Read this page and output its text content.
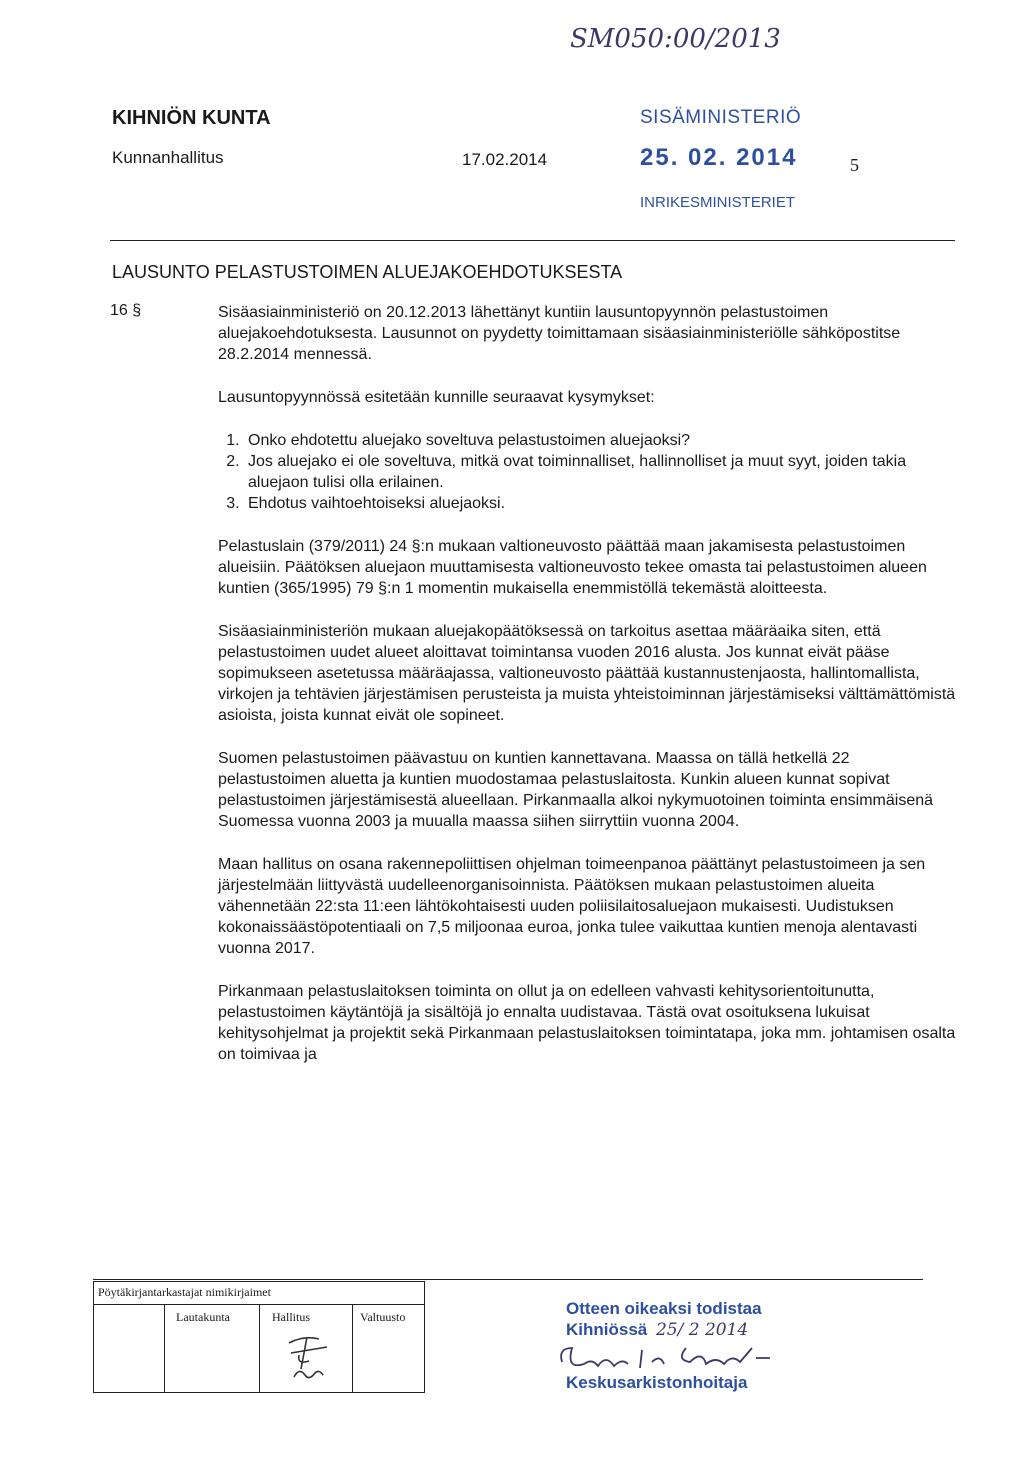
SM050:00/2013
KIHNIÖN KUNTA
Kunnanhallitus	17.02.2014	5
SISÄMINISTERIÖ
25. 02. 2014
INRIKESMINISTERIET
LAUSUNTO PELASTUSTOIMEN ALUEJAKOEHDOTUKSESTA
16 §	Sisäasiainministeriö on 20.12.2013 lähettänyt kuntiin lausuntopyynnön pelastustoimen aluejakoehdotuksesta. Lausunnot on pyydetty toimittamaan sisäasiainministeriölle sähköpostitse 28.2.2014 mennessä.

Lausuntopyynnössä esitetään kunnille seuraavat kysymykset:

1. Onko ehdotettu aluejako soveltuva pelastustoimen aluejaoksi?
2. Jos aluejako ei ole soveltuva, mitkä ovat toiminnalliset, hallinnolliset ja muut syyt, joiden takia aluejaon tulisi olla erilainen.
3. Ehdotus vaihtoehtoiseksi aluejaoksi.

Pelastuslain (379/2011) 24 §:n mukaan valtioneuvosto päättää maan jakamisesta pelastustoimen alueisiin. Päätöksen aluejaon muuttamisesta valtioneuvosto tekee omasta tai pelastustoimen alueen kuntien (365/1995) 79 §:n 1 momentin mukaisella enemmistöllä tekemästä aloitteesta.

Sisäasiainministeriön mukaan aluejakopäätöksessä on tarkoitus asettaa määräaika siten, että pelastustoimen uudet alueet aloittavat toimintansa vuoden 2016 alusta. Jos kunnat eivät pääse sopimukseen asetetussa määräajassa, valtioneuvosto päättää kustannustenjaosta, hallintomallista, virkojen ja tehtävien järjestämisen perusteista ja muista yhteistoiminnan järjestämiseksi välttämättömistä asioista, joista kunnat eivät ole sopineet.

Suomen pelastustoimen päävastuu on kuntien kannettavana. Maassa on tällä hetkellä 22 pelastustoimen aluetta ja kuntien muodostamaa pelastuslaitosta. Kunkin alueen kunnat sopivat pelastustoimen järjestämisestä alueellaan. Pirkanmaalla alkoi nykymuotoinen toiminta ensimmäisenä Suomessa vuonna 2003 ja muualla maassa siihen siirryttiin vuonna 2004.

Maan hallitus on osana rakennepoliittisen ohjelman toimeenpanoa päättänyt pelastustoimeen ja sen järjestelmään liittyvästä uudelleenorganisoinnista. Päätöksen mukaan pelastustoimen alueita vähennetään 22:sta 11:een lähtökohtaisesti uuden poliisilaitosaluejaon mukaisesti. Uudistuksen kokonaissäästöpotentiaali on 7,5 miljoonaa euroa, jonka tulee vaikuttaa kuntien menoja alentavasti vuonna 2017.

Pirkanmaan pelastuslaitoksen toiminta on ollut ja on edelleen vahvasti kehitysorientoitunutta, pelastustoimen käytäntöjä ja sisältöjä jo ennalta uudistavaa. Tästä ovat osoituksena lukuisat kehitysohjelmat ja projektit sekä Pirkanmaan pelastuslaitoksen toimintatapa, joka mm. johtamisen osalta on toimivaa ja

Pöytäkirjantarkastajat nimikirjaimet
Lautakunta	Hallitus	Valtuusto	Otteen oikeaksi todistaa
Kihniössä 25/ 2 2014
Keskusarkistonhoitaja
